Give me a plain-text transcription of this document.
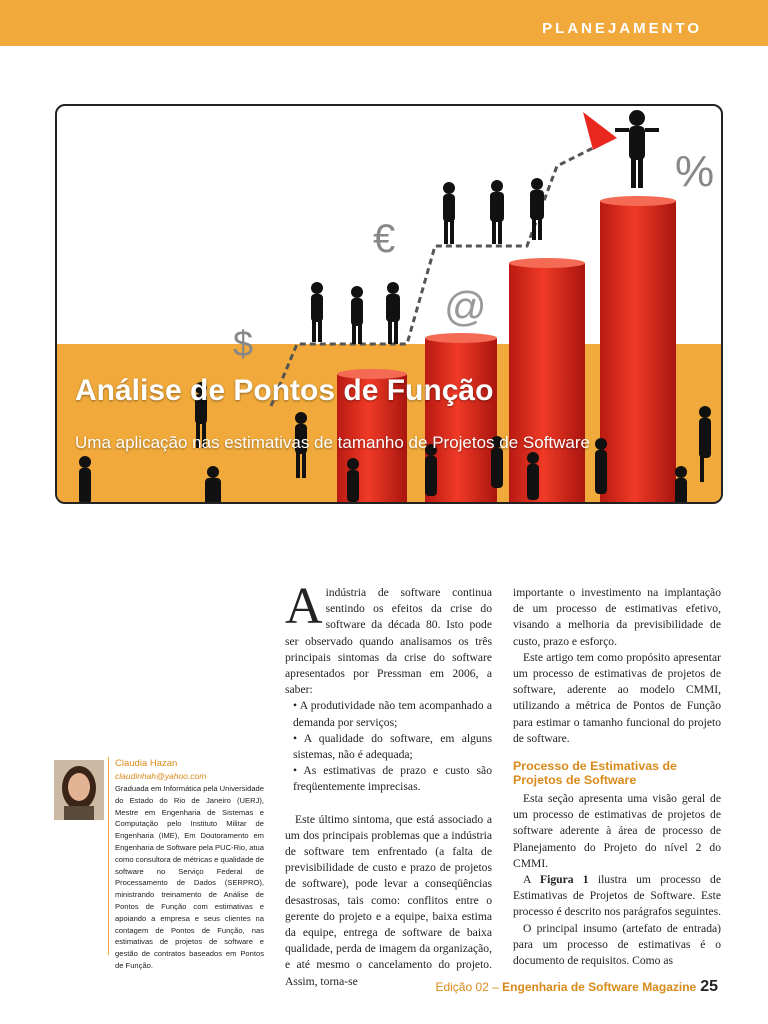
PLANEJAMENTO
$
€
@
%
Análise de Pontos de Função

Uma aplicação nas estimativas de tamanho de Projetos de Software

Claudia Hazan
claudinhah@yahoo.com

Graduada em Informática pela Universidade do Estado do Rio de Janeiro (UERJ), Mestre em Engenharia de Sistemas e Computação pelo Instituto Militar de Engenharia (IME), Em Doutoramento em Engenharia de Software pela PUC-Rio, atua como consultora de métricas e qualidade de software no Serviço Federal de Processamento de Dados (SERPRO), ministrando treinamento de Análise de Pontos de Função com estimativas e apoiando a empresa e seus clientes na contagem de Pontos de Função, nas estimativas de projetos de software e gestão de contratos baseados em Pontos de Função.

Aindústria de software continua sentindo os efeitos da crise do software da década 80. Isto pode ser observado quando analisamos os três principais sintomas da crise do software apresentados por Pressman em 2006, a saber:

• A produtividade não tem acompanhado a demanda por serviços;

• A qualidade do software, em alguns sistemas, não é adequada;

• As estimativas de prazo e custo são freqüentemente imprecisas.

Este último sintoma, que está associado a um dos principais problemas que a indústria de software tem enfrentado (a falta de previsibilidade de custo e prazo de projetos de software), pode levar a conseqüências desastrosas, tais como: conflitos entre o gerente do projeto e a equipe, baixa estima da equipe, entrega de software de baixa qualidade, perda de imagem da organização, e até mesmo o cancelamento do projeto. Assim, torna-se

importante o investimento na implantação de um processo de estimativas efetivo, visando a melhoria da previsibilidade de custo, prazo e esforço.

Este artigo tem como propósito apresentar um processo de estimativas de projetos de software, aderente ao modelo CMMI, utilizando a métrica de Pontos de Função para estimar o tamanho funcional do projeto de software.

Processo de Estimativas de Projetos de Software

Esta seção apresenta uma visão geral de um processo de estimativas de projetos de software aderente à área de processo de Planejamento do Projeto do nível 2 do CMMI.

A Figura 1 ilustra um processo de Estimativas de Projetos de Software. Este processo é descrito nos parágrafos seguintes.

O principal insumo (artefato de entrada) para um processo de estimativas é o documento de requisitos. Como as

Edição 02 – Engenharia de Software Magazine 25
